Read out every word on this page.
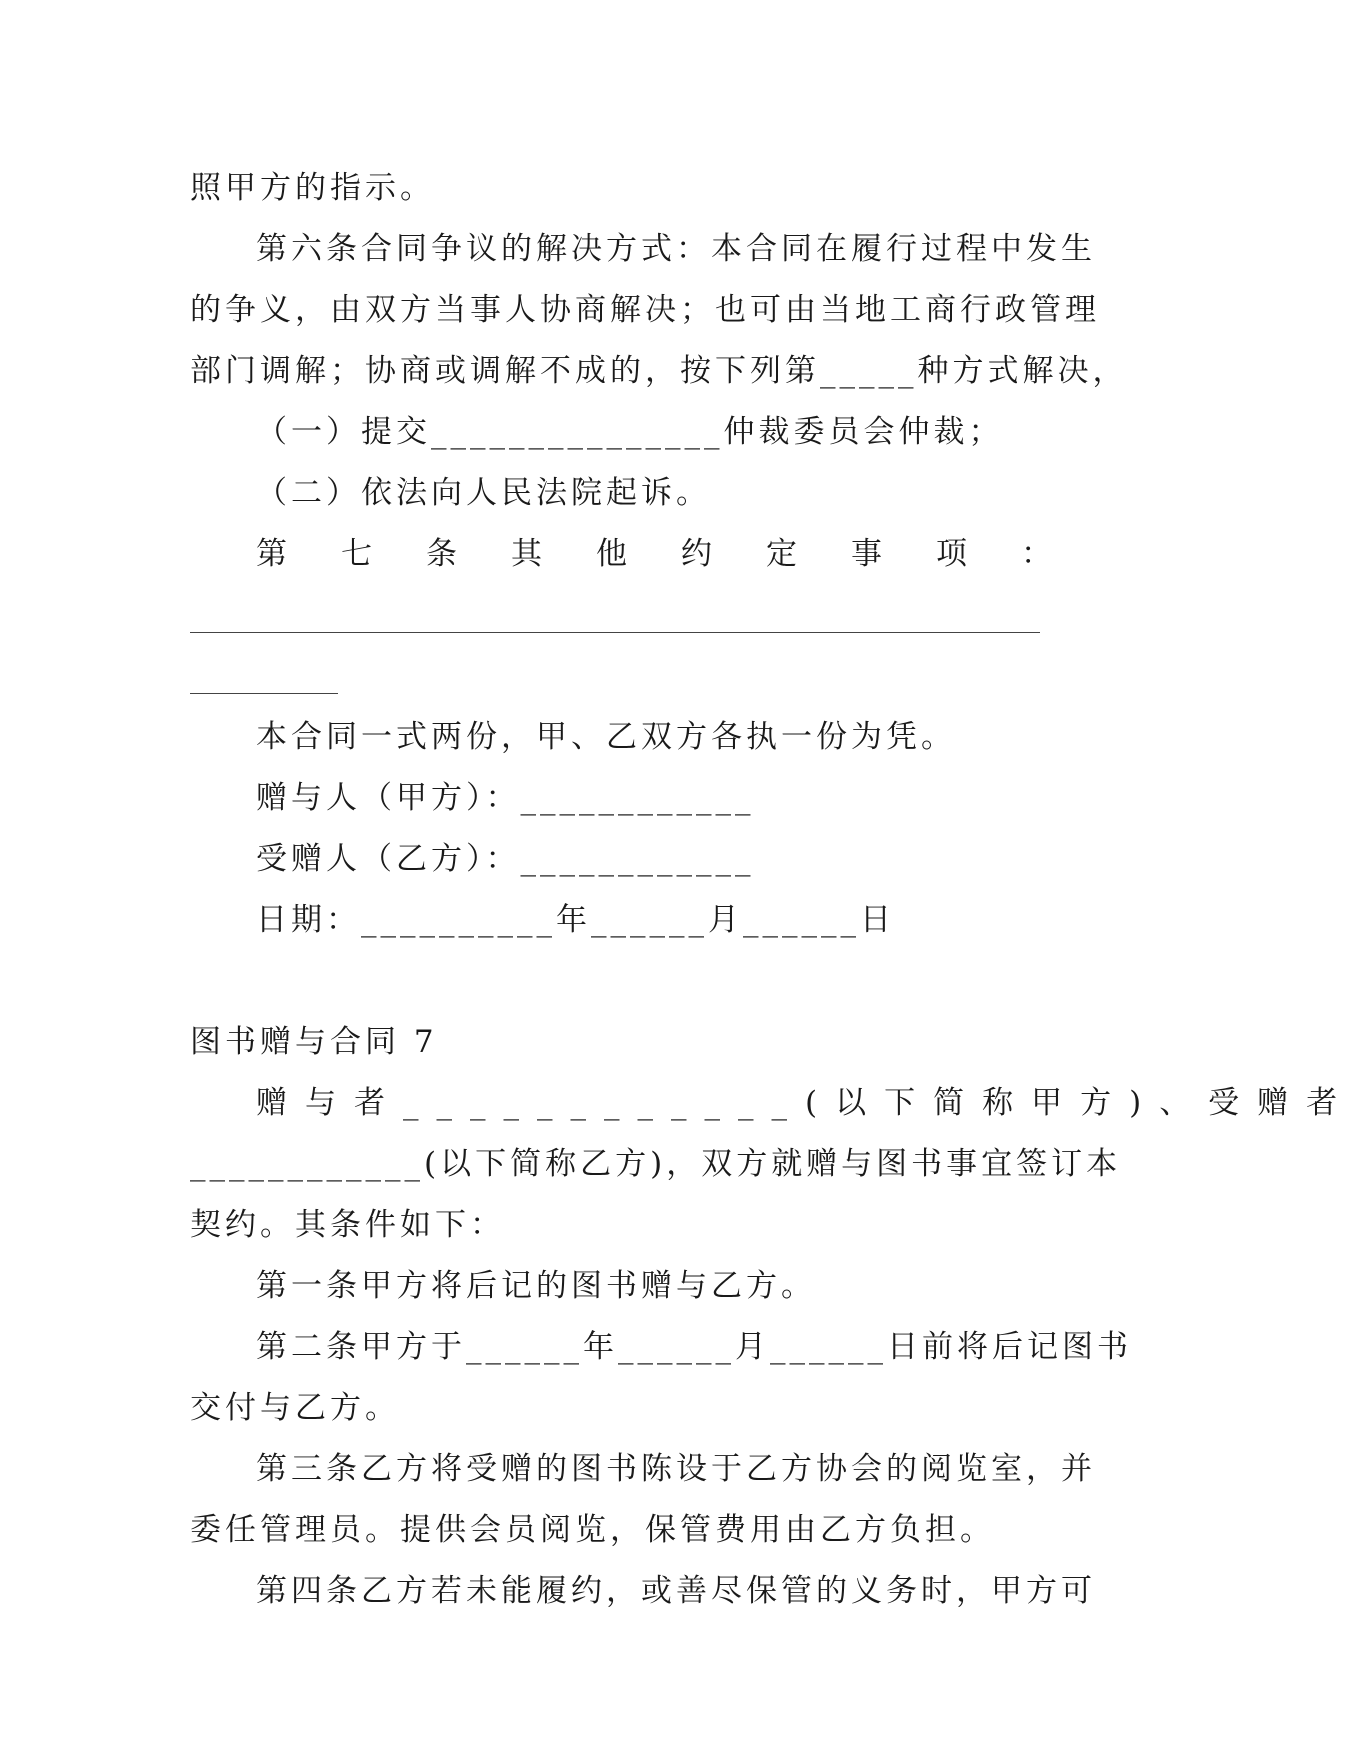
照甲方的指示。
第六条合同争议的解决方式：本合同在履行过程中发生
的争义，由双方当事人协商解决；也可由当地工商行政管理
部门调解；协商或调解不成的，按下列第_____种方式解决，
（一）提交_______________仲裁委员会仲裁；
（二）依法向人民法院起诉。
第 七 条 其 他 约 定 事 项 ：
本合同一式两份，甲、乙双方各执一份为凭。
赠与人（甲方）：____________
受赠人（乙方）：____________
日期：__________年______月______日
图书赠与合同 7
赠与者____________(以下简称甲方)、受赠者
____________(以下简称乙方)，双方就赠与图书事宜签订本
契约。其条件如下：
第一条甲方将后记的图书赠与乙方。
第二条甲方于______年______月______日前将后记图书
交付与乙方。
第三条乙方将受赠的图书陈设于乙方协会的阅览室，并
委任管理员。提供会员阅览，保管费用由乙方负担。
第四条乙方若未能履约，或善尽保管的义务时，甲方可
